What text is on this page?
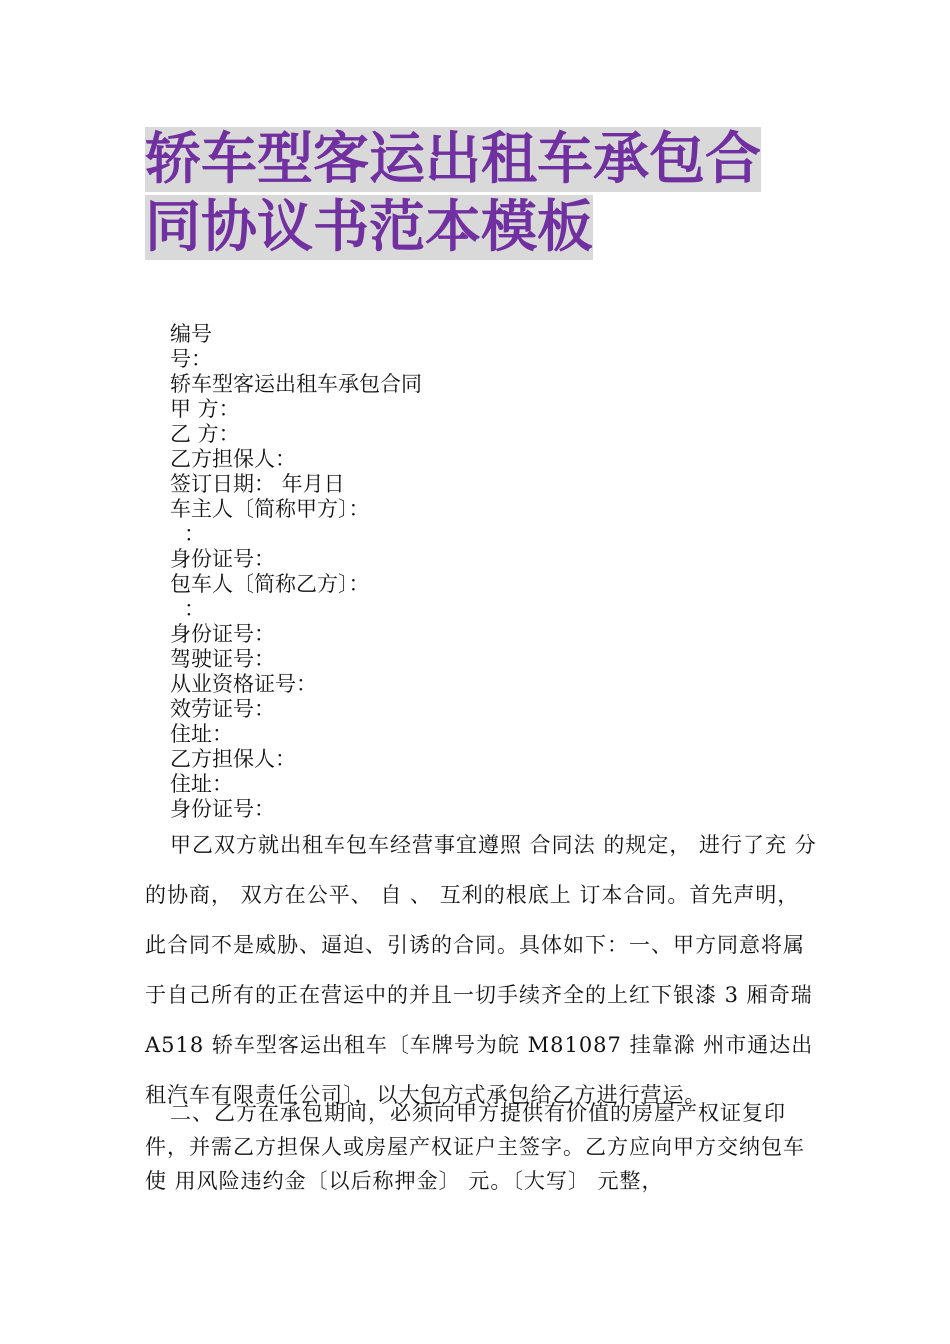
轿车型客运出租车承包合同协议书范本模板
编号
号：
轿车型客运出租车承包合同
甲 方：
乙 方：
乙方担保人：
签订日期： 年月日
车主人〔简称甲方〕：
：
身份证号：
包车人〔简称乙方〕：
：
身份证号：
驾驶证号：
从业资格证号：
效劳证号：
住址：
乙方担保人：
住址：
身份证号：

甲乙双方就出租车包车经营事宜遵照 合同法 的规定， 进行了充 分的协商， 双方在公平、 自 、 互利的根底上 订本合同。首先声明， 此合同不是威胁、逼迫、引诱的合同。具体如下：一、甲方同意将属于自己所有的正在营运中的并且一切手续齐全的上红下银漆 3 厢奇瑞 A518 轿车型客运出租车〔车牌号为皖 M81087 挂靠滁 州市通达出租汽车有限责任公司〕，以大包方式承包给乙方进行营运。

二、乙方在承包期间，必须向甲方提供有价值的房屋产权证复印件，并需乙方担保人或房屋产权证户主签字。乙方应向甲方交纳包车使 用风险违约金〔以后称押金〕 元。〔大写〕 元整，
